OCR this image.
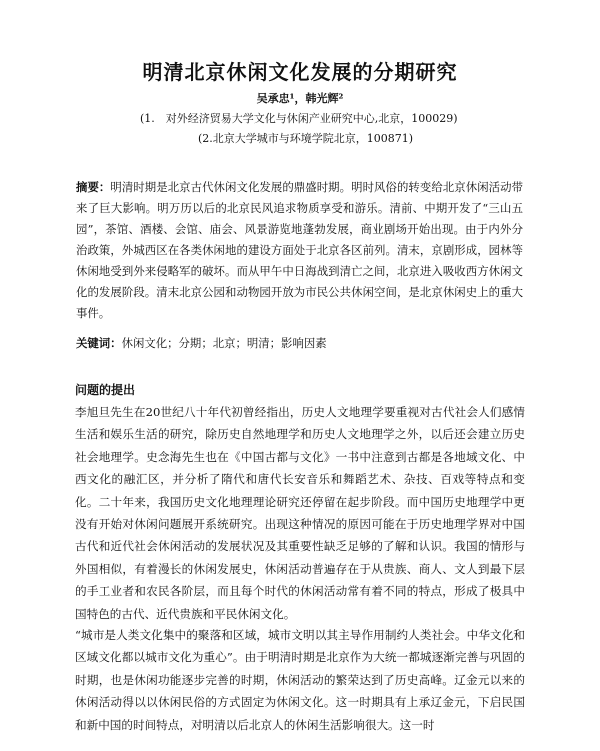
明清北京休闲文化发展的分期研究
吴承忠¹，韩光辉²
(1.　对外经济贸易大学文化与休闲产业研究中心,北京，100029)
(2.北京大学城市与环境学院北京，100871)
摘要：明清时期是北京古代休闲文化发展的鼎盛时期。明时风俗的转变给北京休闲活动带来了巨大影响。明万历以后的北京民风追求物质享受和游乐。清前、中期开发了“三山五园”，茶馆、酒楼、会馆、庙会、风景游览地蓬勃发展，商业剧场开始出现。由于内外分治政策，外城西区在各类休闲地的建设方面处于北京各区前列。清末，京剧形成，园林等休闲地受到外来侵略军的破坏。而从甲午中日海战到清亡之间，北京进入吸收西方休闲文化的发展阶段。清末北京公园和动物园开放为市民公共休闲空间，是北京休闲史上的重大事件。
关键词：休闲文化；分期；北京；明清；影响因素
问题的提出

李旭旦先生在20世纪八十年代初曾经指出，历史人文地理学要重视对古代社会人们感情生活和娱乐生活的研究，除历史自然地理学和历史人文地理学之外，以后还会建立历史社会地理学。史念海先生也在《中国古都与文化》一书中注意到古都是各地域文化、中西文化的融汇区，并分析了隋代和唐代长安音乐和舞蹈艺术、杂技、百戏等特点和变化。二十年来，我国历史文化地理理论研究还停留在起步阶段。而中国历史地理学中更没有开始对休闲问题展开系统研究。出现这种情况的原因可能在于历史地理学界对中国古代和近代社会休闲活动的发展状况及其重要性缺乏足够的了解和认识。我国的情形与外国相似，有着漫长的休闲发展史，休闲活动普遍存在于从贵族、商人、文人到最下层的手工业者和农民各阶层，而且每个时代的休闲活动常有着不同的特点，形成了极具中国特色的古代、近代贵族和平民休闲文化。

“城市是人类文化集中的聚落和区域，城市文明以其主导作用制约人类社会。中华文化和区域文化都以城市文化为重心”。由于明清时期是北京作为大统一都城逐渐完善与巩固的时期，也是休闲功能逐步完善的时期，休闲活动的繁荣达到了历史高峰。辽金元以来的休闲活动得以以休闲民俗的方式固定为休闲文化。这一时期具有上承辽金元，下启民国和新中国的时间特点，对明清以后北京人的休闲生活影响很大。这一时
